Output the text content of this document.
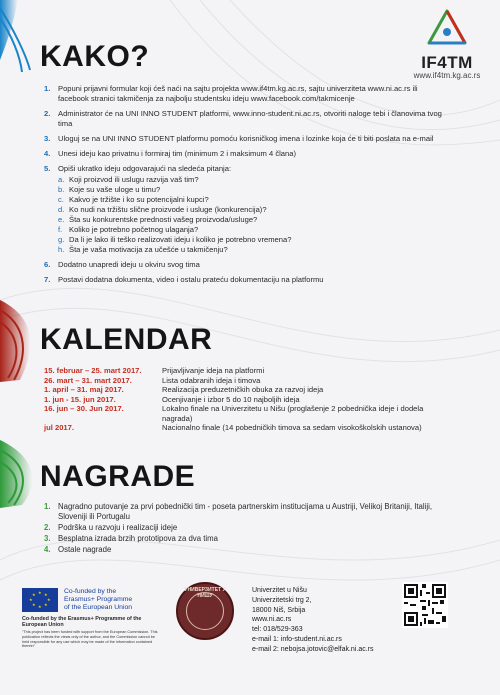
IF4TM
www.if4tm.kg.ac.rs
KAKO?
1. Popuni prijavni formular koji ćeš naći na sajtu projekta www.if4tm.kg.ac.rs, sajtu univerziteta www.ni.ac.rs ili facebook stranici takmičenja za najbolju studentsku ideju www.facebook.com/takmicenje
2. Administrator će na UNI INNO STUDENT platformi, www.inno-student.ni.ac.rs, otvoriti naloge tebi i članovima tvog tima
3. Uloguj se na UNI INNO STUDENT platformu pomoću korisničkog imena i lozinke koja će ti biti poslata na e-mail
4. Unesi ideju kao privatnu i formiraj tim (minimum 2 i maksimum 4 člana)
5. Opiši ukratko ideju odgovarajući na sledeća pitanja:
a. Koji proizvod ili uslugu razvija vaš tim?
b. Koje su vaše uloge u timu?
c. Kakvo je tržište i ko su potencijalni kupci?
d. Ko nudi na tržištu slične proizvode i usluge (konkurencija)?
e. Šta su konkurentske prednosti vašeg proizvoda/usluge?
f. Koliko je potrebno početnog ulaganja?
g. Da li je lako ili teško realizovati ideju i koliko je potrebno vremena?
h. Šta je vaša motivacija za učešće u takmičenju?
6. Dodatno unapredi ideju u okviru svog tima
7. Postavi dodatna dokumenta, video i ostalu prateću dokumentaciju na platformu
KALENDAR
15. februar – 25. mart 2017.	Prijavljivanje ideja na platformi
26. mart – 31. mart 2017.	Lista odabranih ideja i timova
1. april – 31. maj 2017.	Realizacija preduzetničkih obuka za razvoj ideja
1. jun - 15. jun 2017.	Ocenjivanje i izbor 5 do 10 najboljih ideja
16. jun – 30. Jun 2017.	Lokalno finale na Univerzitetu u Nišu (proglašenje 2 pobednička ideje i dodela nagrada)
jul 2017.	Nacionalno finale (14 pobedničkih timova sa sedam visokoškolskih ustanova)
NAGRADE
1. Nagradno putovanje za prvi pobednički tim - poseta partnerskim institucijama u Austriji, Velikoj Britaniji, Italiji, Sloveniji ili Portugalu
2. Podrška u razvoju i realizaciji ideje
3. Besplatna izrada brzih prototipova za dva tima
4. Ostale nagrade
★ ★
★
★
★
★
★
★	Co-funded by the
Erasmus+ Programme
of the European Union
Co-funded by the Erasmus+ Programme of the European Union
"This project has been funded with support from the European Commission. This publication reflects the views only of the author, and the Commission cannot be held responsible for any use which may be made of the information contained therein"
УНИВЕРЗИТЕТ У НИШУ
Univerzitet u Nišu
Univerzitetski trg 2,
18000 Niš, Srbija
www.ni.ac.rs
tel: 018/529-363
e-mail 1: info-student.ni.ac.rs
e-mail 2: nebojsa.jotovic@elfak.ni.ac.rs
